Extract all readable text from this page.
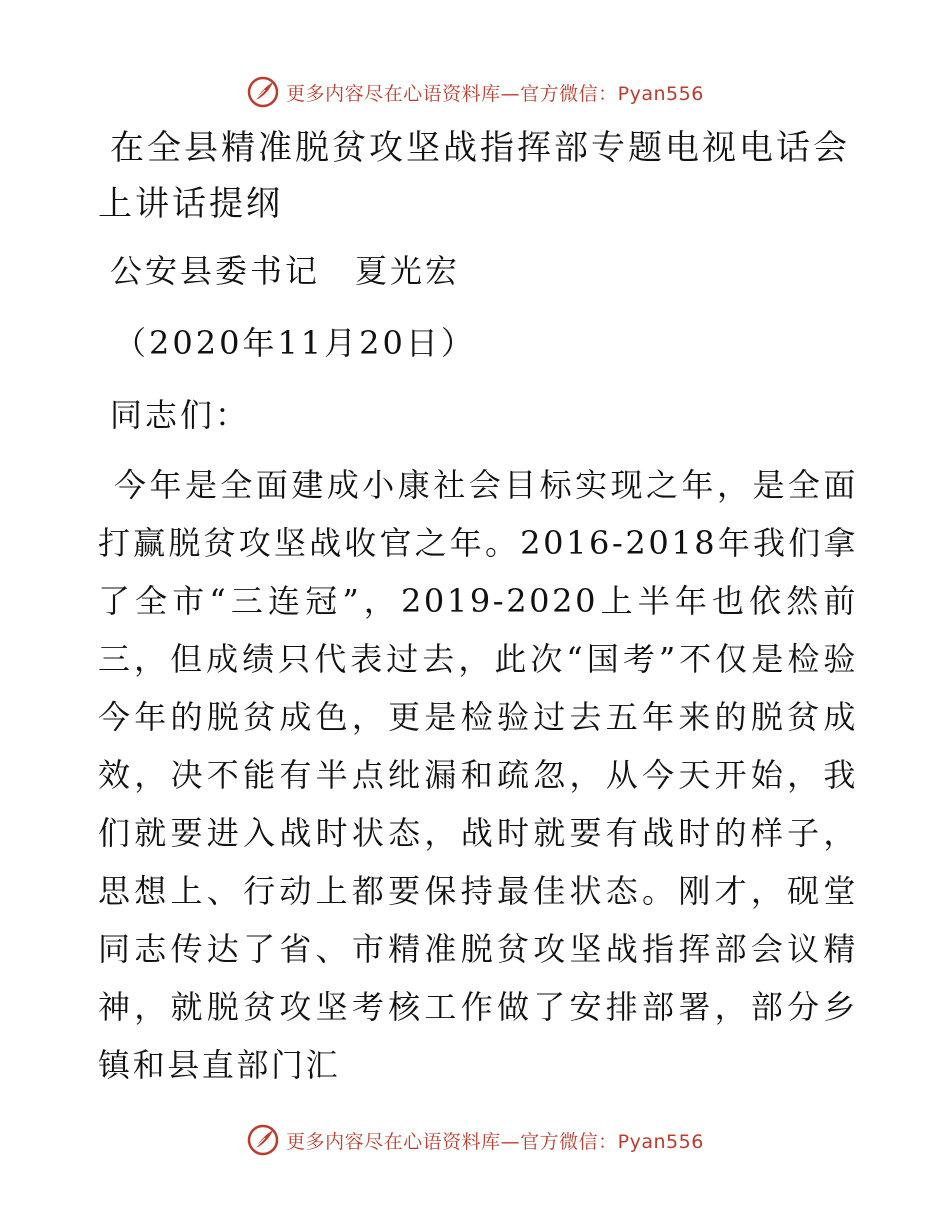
更多内容尽在心语资料库—官方微信：Pyan556
在全县精准脱贫攻坚战指挥部专题电视电话会上讲话提纲
公安县委书记　夏光宏
（2020年11月20日）
同志们：

今年是全面建成小康社会目标实现之年，是全面打赢脱贫攻坚战收官之年。2016-2018年我们拿了全市“三连冠”，2019-2020上半年也依然前三，但成绩只代表过去，此次“国考”不仅是检验今年的脱贫成色，更是检验过去五年来的脱贫成效，决不能有半点纰漏和疏忽，从今天开始，我们就要进入战时状态，战时就要有战时的样子，思想上、行动上都要保持最佳状态。刚才，砚堂同志传达了省、市精准脱贫攻坚战指挥部会议精神，就脱贫攻坚考核工作做了安排部署，部分乡镇和县直部门汇

更多内容尽在心语资料库—官方微信：Pyan556
